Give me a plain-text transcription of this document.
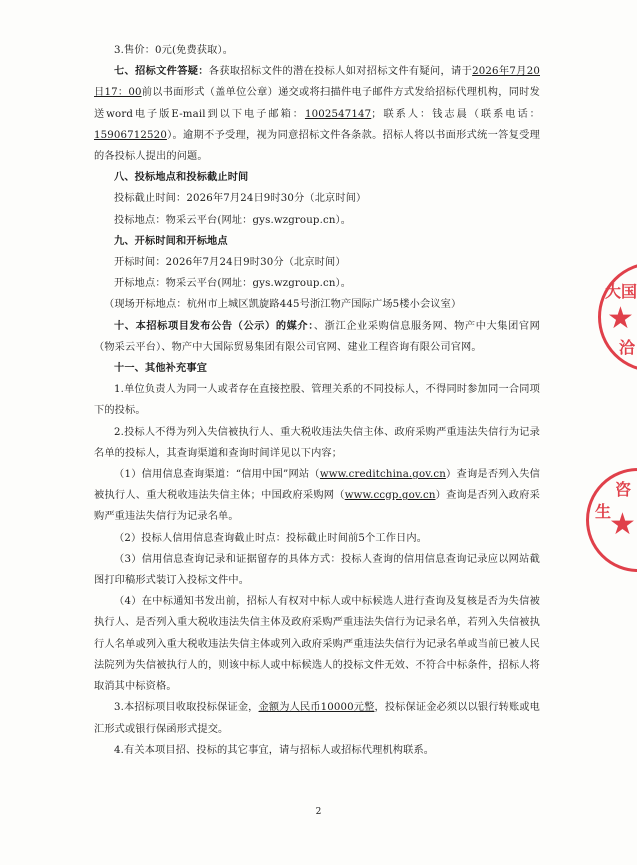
3.售价：0元(免费获取）。

七、招标文件答疑：各获取招标文件的潜在投标人如对招标文件有疑问，请于2026年7月20日17：00前以书面形式（盖单位公章）递交或将扫描件电子邮件方式发给招标代理机构，同时发送word电子版E-mail到以下电子邮箱：1002547147；联系人：钱志晨（联系电话：15906712520）。逾期不予受理，视为同意招标文件各条款。招标人将以书面形式统一答复受理的各投标人提出的问题。

八、投标地点和投标截止时间

投标截止时间：2026年7月24日9时30分（北京时间）

投标地点：物采云平台(网址：gys.wzgroup.cn）。

九、开标时间和开标地点

开标时间：2026年7月24日9时30分（北京时间）

开标地点：物采云平台(网址：gys.wzgroup.cn）。

（现场开标地点：杭州市上城区凯旋路445号浙江物产国际广场5楼小会议室）

十、本招标项目发布公告（公示）的媒介：、浙江企业采购信息服务网、物产中大集团官网（物采云平台）、物产中大国际贸易集团有限公司官网、建业工程咨询有限公司官网。

十一、其他补充事宜

1.单位负责人为同一人或者存在直接控股、管理关系的不同投标人，不得同时参加同一合同项下的投标。

2.投标人不得为列入失信被执行人、重大税收违法失信主体、政府采购严重违法失信行为记录名单的投标人，其查询渠道和查询时间详见以下内容；

（1）信用信息查询渠道：“信用中国”网站（www.creditchina.gov.cn）查询是否列入失信被执行人、重大税收违法失信主体；中国政府采购网（www.ccgp.gov.cn）查询是否列入政府采购严重违法失信行为记录名单。

（2）投标人信用信息查询截止时点：投标截止时间前5个工作日内。

（3）信用信息查询记录和证据留存的具体方式：投标人查询的信用信息查询记录应以网站截图打印稿形式装订入投标文件中。

（4）在中标通知书发出前，招标人有权对中标人或中标候选人进行查询及复核是否为失信被执行人、是否列入重大税收违法失信主体及政府采购严重违法失信行为记录名单，若列入失信被执行人名单或列入重大税收违法失信主体或列入政府采购严重违法失信行为记录名单或当前已被人民法院列为失信被执行人的，则该中标人或中标候选人的投标文件无效、不符合中标条件，招标人将取消其中标资格。

3.本招标项目收取投标保证金，金额为人民币10000元整，投标保证金必须以以银行转账或电汇形式或银行保函形式提交。

4.有关本项目招、投标的其它事宜，请与招标人或招标代理机构联系。

2
大国
★
洽
咨
★
生
